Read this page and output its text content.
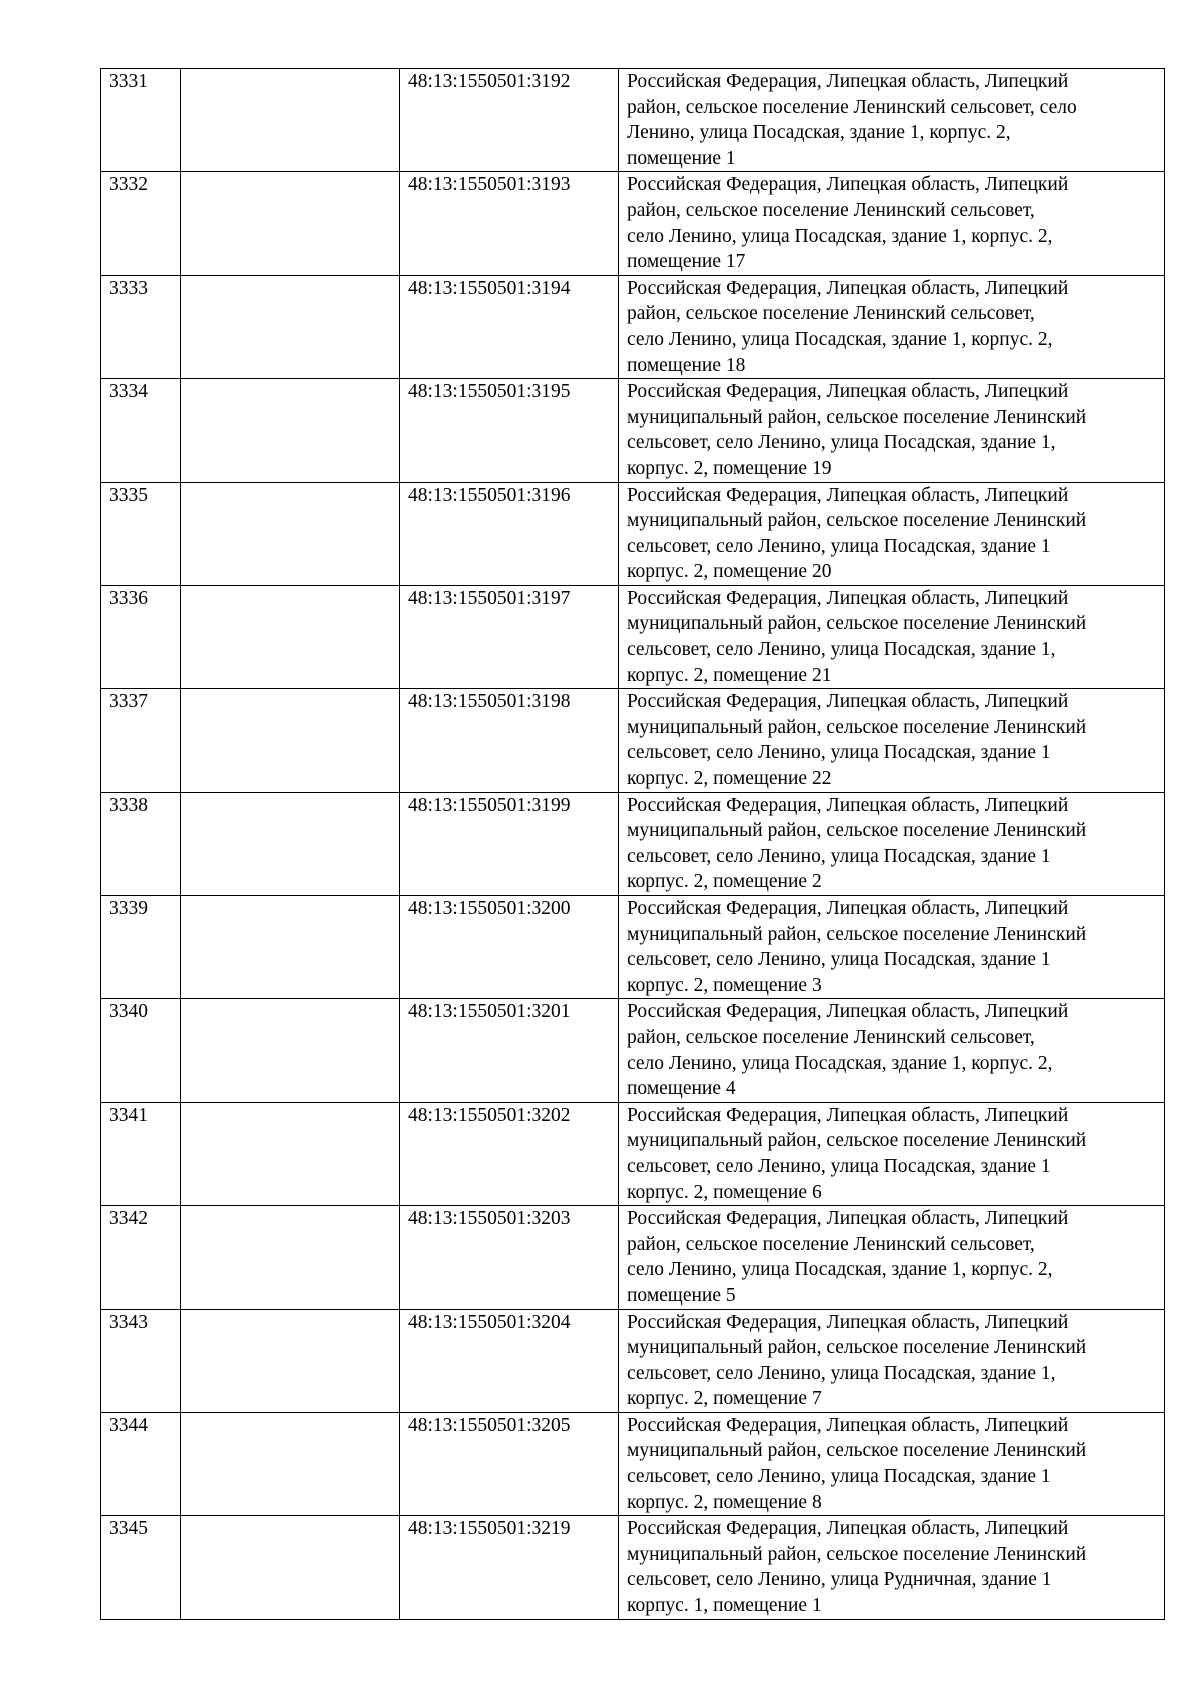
3331		48:13:1550501:3192	Российская Федерация, Липецкая область, Липецкий
район, сельское поселение Ленинский сельсовет, село
Ленино, улица Посадская, здание 1, корпус. 2,
помещение 1

3332		48:13:1550501:3193	Российская Федерация, Липецкая область, Липецкий
район, сельское поселение Ленинский сельсовет,
село Ленино, улица Посадская, здание 1, корпус. 2,
помещение 17

3333		48:13:1550501:3194	Российская Федерация, Липецкая область, Липецкий
район, сельское поселение Ленинский сельсовет,
село Ленино, улица Посадская, здание 1, корпус. 2,
помещение 18

3334		48:13:1550501:3195	Российская Федерация, Липецкая область, Липецкий
муниципальный район, сельское поселение Ленинский
сельсовет, село Ленино, улица Посадская, здание 1,
корпус. 2, помещение 19

3335		48:13:1550501:3196	Российская Федерация, Липецкая область, Липецкий
муниципальный район, сельское поселение Ленинский
сельсовет, село Ленино, улица Посадская, здание 1
корпус. 2, помещение 20

3336		48:13:1550501:3197	Российская Федерация, Липецкая область, Липецкий
муниципальный район, сельское поселение Ленинский
сельсовет, село Ленино, улица Посадская, здание 1,
корпус. 2, помещение 21

3337		48:13:1550501:3198	Российская Федерация, Липецкая область, Липецкий
муниципальный район, сельское поселение Ленинский
сельсовет, село Ленино, улица Посадская, здание 1
корпус. 2, помещение 22

3338		48:13:1550501:3199	Российская Федерация, Липецкая область, Липецкий
муниципальный район, сельское поселение Ленинский
сельсовет, село Ленино, улица Посадская, здание 1
корпус. 2, помещение 2

3339		48:13:1550501:3200	Российская Федерация, Липецкая область, Липецкий
муниципальный район, сельское поселение Ленинский
сельсовет, село Ленино, улица Посадская, здание 1
корпус. 2, помещение 3

3340		48:13:1550501:3201	Российская Федерация, Липецкая область, Липецкий
район, сельское поселение Ленинский сельсовет,
село Ленино, улица Посадская, здание 1, корпус. 2,
помещение 4

3341		48:13:1550501:3202	Российская Федерация, Липецкая область, Липецкий
муниципальный район, сельское поселение Ленинский
сельсовет, село Ленино, улица Посадская, здание 1
корпус. 2, помещение 6

3342		48:13:1550501:3203	Российская Федерация, Липецкая область, Липецкий
район, сельское поселение Ленинский сельсовет,
село Ленино, улица Посадская, здание 1, корпус. 2,
помещение 5

3343		48:13:1550501:3204	Российская Федерация, Липецкая область, Липецкий
муниципальный район, сельское поселение Ленинский
сельсовет, село Ленино, улица Посадская, здание 1,
корпус. 2, помещение 7

3344		48:13:1550501:3205	Российская Федерация, Липецкая область, Липецкий
муниципальный район, сельское поселение Ленинский
сельсовет, село Ленино, улица Посадская, здание 1
корпус. 2, помещение 8

3345		48:13:1550501:3219	Российская Федерация, Липецкая область, Липецкий
муниципальный район, сельское поселение Ленинский
сельсовет, село Ленино, улица Рудничная, здание 1
корпус. 1, помещение 1
